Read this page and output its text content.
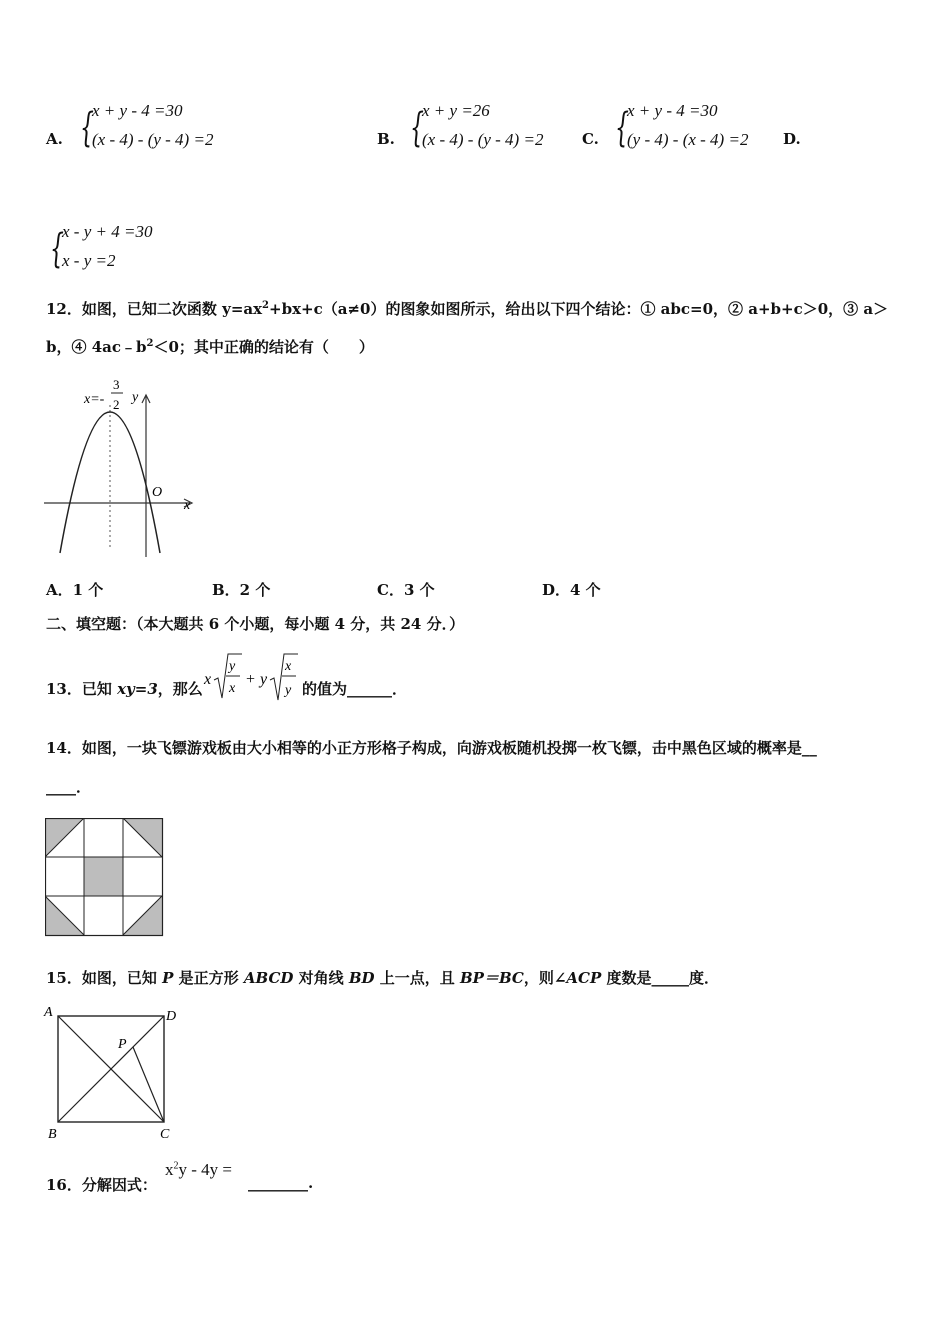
A. {
x + y - 4 =30
(x - 4) - (y - 4) =2	B. {
x + y =26
(x - 4) - (y - 4) =2	C. {
x + y - 4 =30
(y - 4) - (x - 4) =2 D.
{
x - y + 4 =30
x - y =2
12．如图，已知二次函数 $y=ax^2+bx+c(a\ne 0)$的图象如图所示，给出以下四个结论：① abc=0，② a+b+c＞0，③ a＞
b，④ $4ac﹣b^2<0$；其中正确的结论有（　　）
x=-
3
2 y
O
x
A．1 个	B．2 个	C．3 个	D．4 个
二、填空题：（本大题共 6 个小题，每小题 4 分，共 24 分．）
13．已知 xy=3，那么
x
y
x
+ y
x
y 的值为______．
14．如图，一块飞镖游戏板由大小相等的小正方形格子构成，向游戏板随机投掷一枚飞镖，击中黑色区域的概率是__
____．
15．如图，已知 P 是正方形 ABCD 对角线 BD 上一点，且 BP＝BC，则∠ACP 度数是_____度．
A	D
P
B	C
16．分解因式：
$x^2y - 4y$ =
________.
